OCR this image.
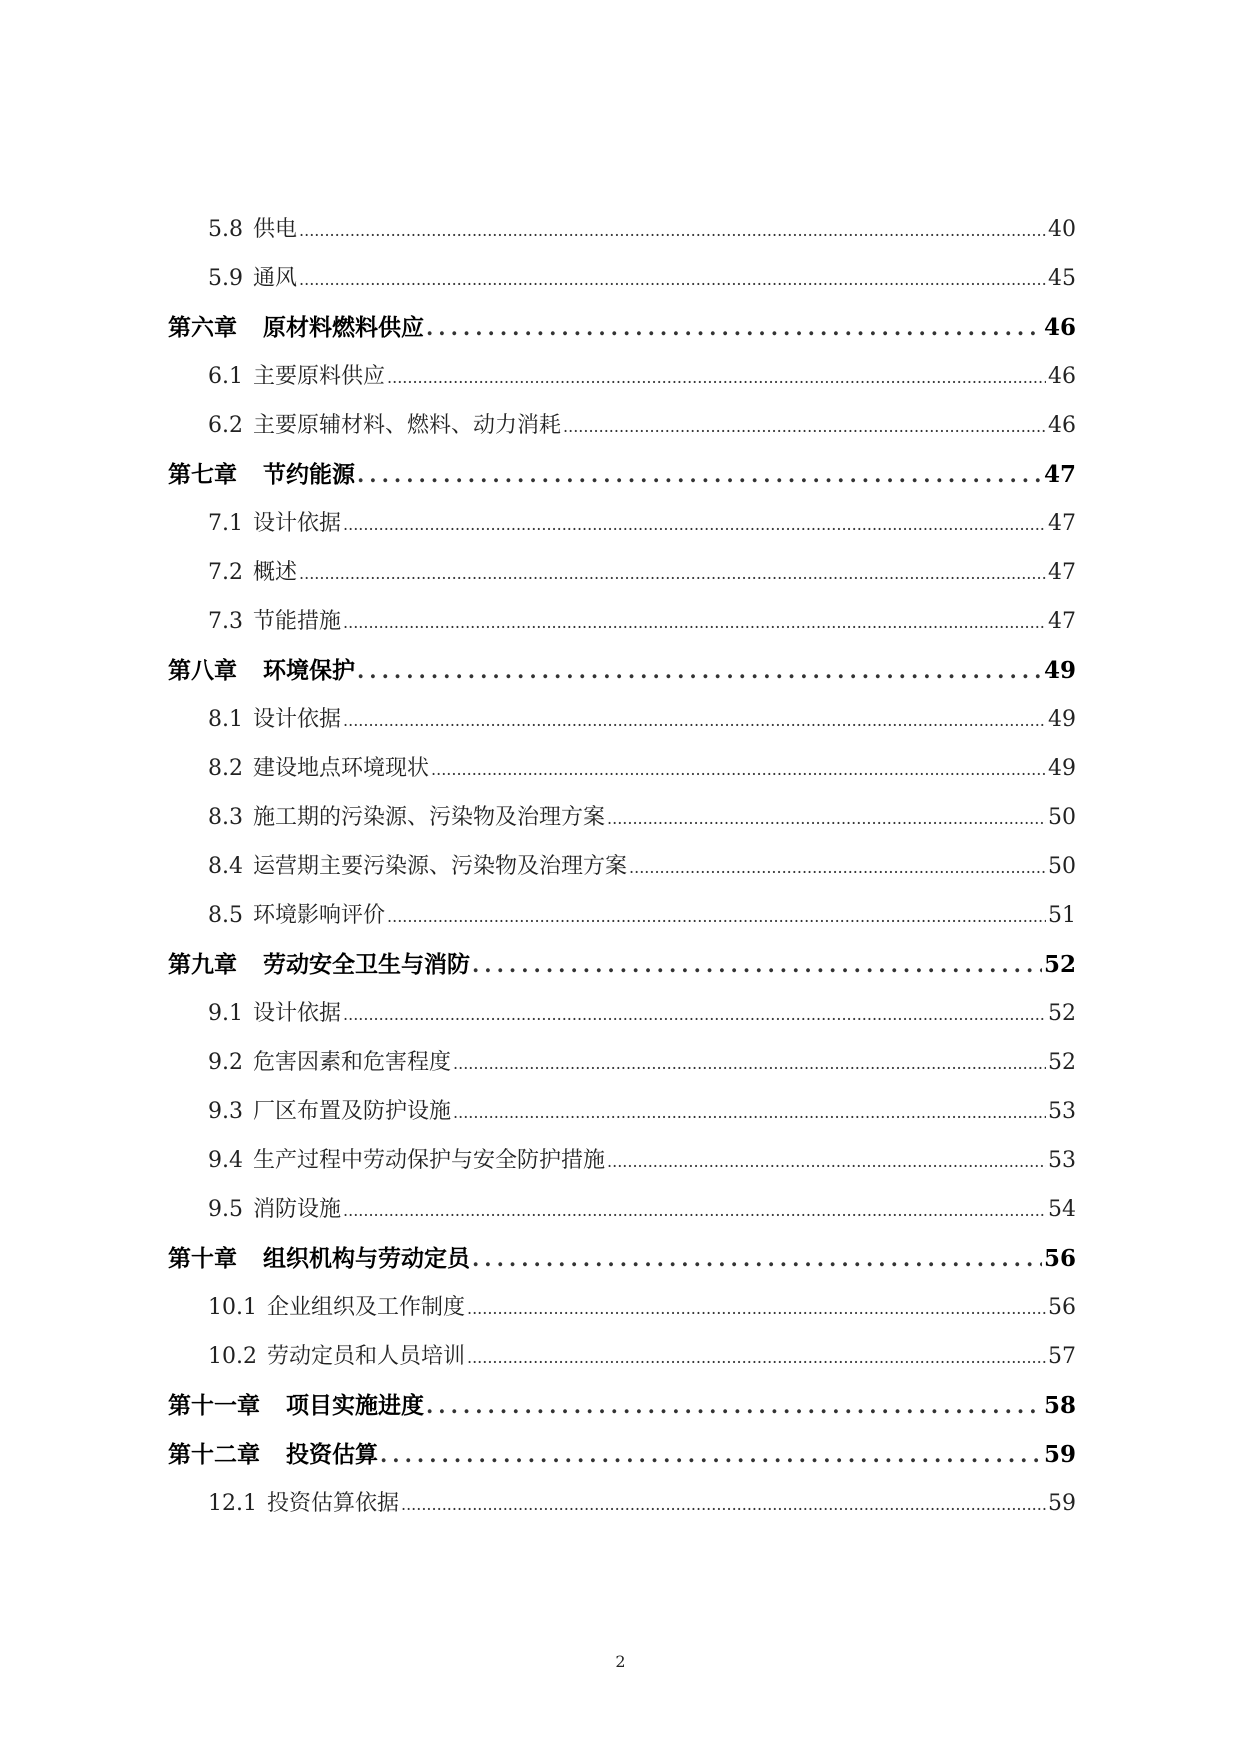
5.8 供电 .....	40
5.9 通风 .....	45
第六章 原材料燃料供应 .....	46
6.1 主要原料供应 .....	46
6.2 主要原辅材料、燃料、动力消耗 .....	46
第七章 节约能源 .....	47
7.1 设计依据 .....	47
7.2 概述 .....	47
7.3 节能措施 .....	47
第八章 环境保护 .....	49
8.1 设计依据 .....	49
8.2 建设地点环境现状 .....	49
8.3 施工期的污染源、污染物及治理方案 .....	50
8.4 运营期主要污染源、污染物及治理方案 .....	50
8.5 环境影响评价 .....	51
第九章 劳动安全卫生与消防 .....	52
9.1 设计依据 .....	52
9.2 危害因素和危害程度 .....	52
9.3 厂区布置及防护设施 .....	53
9.4 生产过程中劳动保护与安全防护措施 .....	53
9.5 消防设施 .....	54
第十章 组织机构与劳动定员 .....	56
10.1 企业组织及工作制度 .....	56
10.2 劳动定员和人员培训 .....	57
第十一章 项目实施进度 .....	58
第十二章 投资估算 .....	59
12.1 投资估算依据 .....	59
2
